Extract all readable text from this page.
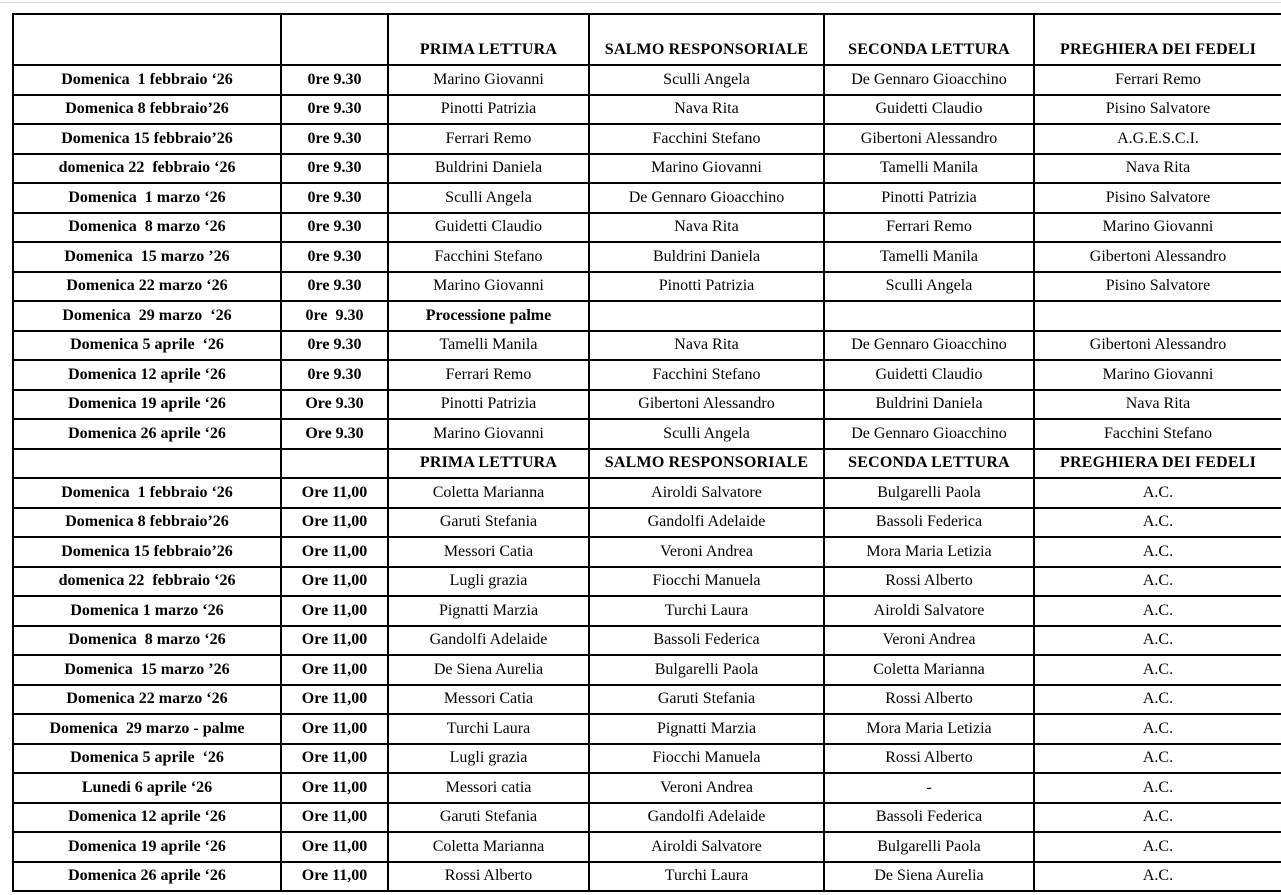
		PRIMA LETTURA	SALMO RESPONSORIALE	SECONDA LETTURA	PREGHIERA DEI FEDELI
Domenica  1 febbraio ‘26	0re 9.30	Marino Giovanni	Sculli Angela	De Gennaro Gioacchino	Ferrari Remo
Domenica 8 febbraio’26	0re 9.30	Pinotti Patrizia	Nava Rita	Guidetti Claudio	Pisino Salvatore
Domenica 15 febbraio’26	0re 9.30	Ferrari Remo	Facchini Stefano	Gibertoni Alessandro	A.G.E.S.C.I.
domenica 22  febbraio ‘26	0re 9.30	Buldrini Daniela	Marino Giovanni	Tamelli Manila	Nava Rita
Domenica  1 marzo ‘26	0re 9.30	Sculli Angela	De Gennaro Gioacchino	Pinotti Patrizia	Pisino Salvatore
Domenica  8 marzo ‘26	0re 9.30	Guidetti Claudio	Nava Rita	Ferrari Remo	Marino Giovanni
Domenica  15 marzo ’26	0re 9.30	Facchini Stefano	Buldrini Daniela	Tamelli Manila	Gibertoni Alessandro
Domenica 22 marzo ‘26	0re 9.30	Marino Giovanni	Pinotti Patrizia	Sculli Angela	Pisino Salvatore
Domenica  29 marzo  ‘26	0re  9.30	Processione palme			
Domenica 5 aprile  ‘26	0re 9.30	Tamelli Manila	Nava Rita	De Gennaro Gioacchino	Gibertoni Alessandro
Domenica 12 aprile ‘26	0re 9.30	Ferrari Remo	Facchini Stefano	Guidetti Claudio	Marino Giovanni
Domenica 19 aprile ‘26	Ore 9.30	Pinotti Patrizia	Gibertoni Alessandro	Buldrini Daniela	Nava Rita
Domenica 26 aprile ‘26	Ore 9.30	Marino Giovanni	Sculli Angela	De Gennaro Gioacchino	Facchini Stefano
		PRIMA LETTURA	SALMO RESPONSORIALE	SECONDA LETTURA	PREGHIERA DEI FEDELI
Domenica  1 febbraio ‘26	Ore 11,00	Coletta Marianna	Airoldi Salvatore	Bulgarelli Paola	A.C.
Domenica 8 febbraio’26	Ore 11,00	Garuti Stefania	Gandolfi Adelaide	Bassoli Federica	A.C.
Domenica 15 febbraio’26	Ore 11,00	Messori Catia	Veroni Andrea	Mora Maria Letizia	A.C.
domenica 22  febbraio ‘26	Ore 11,00	Lugli grazia	Fiocchi Manuela	Rossi Alberto	A.C.
Domenica 1 marzo ‘26	Ore 11,00	Pignatti Marzia	Turchi Laura	Airoldi Salvatore	A.C.
Domenica  8 marzo ‘26	Ore 11,00	Gandolfi Adelaide	Bassoli Federica	Veroni Andrea	A.C.
Domenica  15 marzo ’26	Ore 11,00	De Siena Aurelia	Bulgarelli Paola	Coletta Marianna	A.C.
Domenica 22 marzo ‘26	Ore 11,00	Messori Catia	Garuti Stefania	Rossi Alberto	A.C.
Domenica  29 marzo - palme	Ore 11,00	Turchi Laura	Pignatti Marzia	Mora Maria Letizia	A.C.
Domenica 5 aprile  ‘26	Ore 11,00	Lugli grazia	Fiocchi Manuela	Rossi Alberto	A.C.
Lunedi 6 aprile ‘26	Ore 11,00	Messori catia	Veroni Andrea	-	A.C.
Domenica 12 aprile ‘26	Ore 11,00	Garuti Stefania	Gandolfi Adelaide	Bassoli Federica	A.C.
Domenica 19 aprile ‘26	Ore 11,00	Coletta Marianna	Airoldi Salvatore	Bulgarelli Paola	A.C.
Domenica 26 aprile ‘26	Ore 11,00	Rossi Alberto	Turchi Laura	De Siena Aurelia	A.C.
